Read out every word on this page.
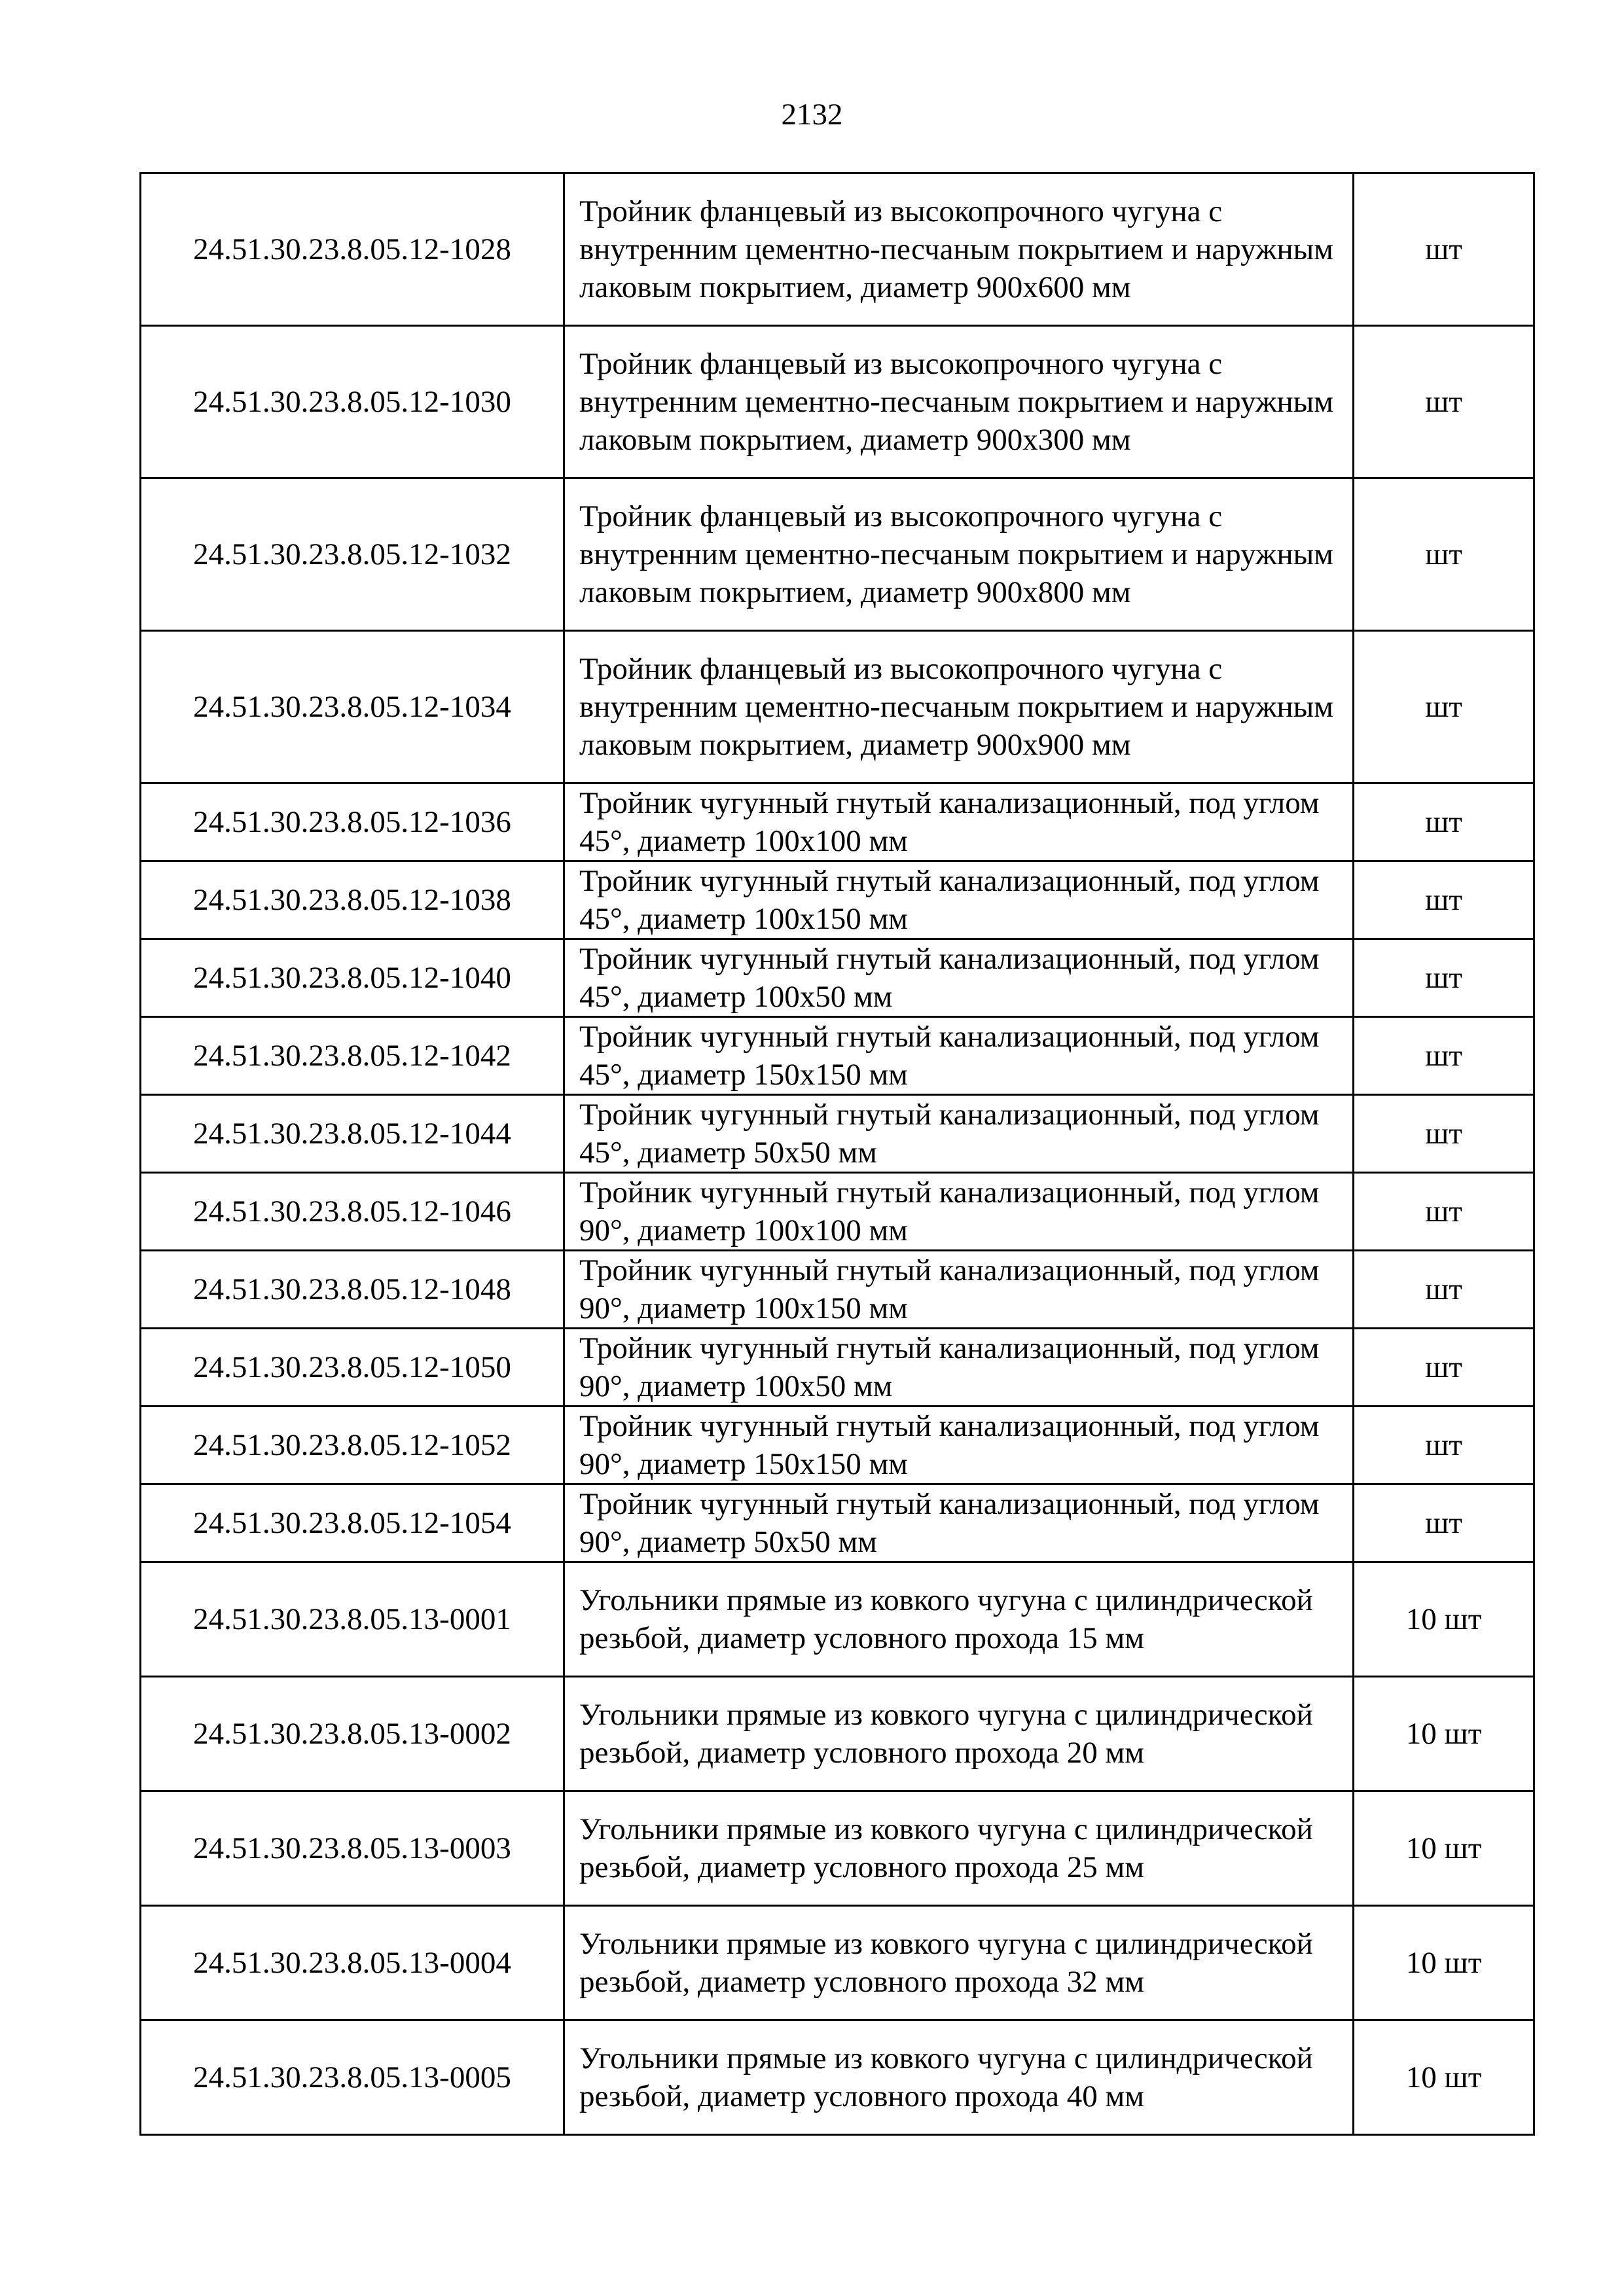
2132
24.51.30.23.8.05.12-1028	Тройник фланцевый из высокопрочного чугуна с внутренним цементно-песчаным покрытием и наружным лаковым покрытием, диаметр 900х600 мм	шт
24.51.30.23.8.05.12-1030	Тройник фланцевый из высокопрочного чугуна с внутренним цементно-песчаным покрытием и наружным лаковым покрытием, диаметр 900х300 мм	шт
24.51.30.23.8.05.12-1032	Тройник фланцевый из высокопрочного чугуна с внутренним цементно-песчаным покрытием и наружным лаковым покрытием, диаметр 900х800 мм	шт
24.51.30.23.8.05.12-1034	Тройник фланцевый из высокопрочного чугуна с внутренним цементно-песчаным покрытием и наружным лаковым покрытием, диаметр 900х900 мм	шт
24.51.30.23.8.05.12-1036	Тройник чугунный гнутый канализационный, под углом 45°, диаметр 100х100 мм	шт
24.51.30.23.8.05.12-1038	Тройник чугунный гнутый канализационный, под углом 45°, диаметр 100х150 мм	шт
24.51.30.23.8.05.12-1040	Тройник чугунный гнутый канализационный, под углом 45°, диаметр 100х50 мм	шт
24.51.30.23.8.05.12-1042	Тройник чугунный гнутый канализационный, под углом 45°, диаметр 150х150 мм	шт
24.51.30.23.8.05.12-1044	Тройник чугунный гнутый канализационный, под углом 45°, диаметр 50х50 мм	шт
24.51.30.23.8.05.12-1046	Тройник чугунный гнутый канализационный, под углом 90°, диаметр 100х100 мм	шт
24.51.30.23.8.05.12-1048	Тройник чугунный гнутый канализационный, под углом 90°, диаметр 100х150 мм	шт
24.51.30.23.8.05.12-1050	Тройник чугунный гнутый канализационный, под углом 90°, диаметр 100х50 мм	шт
24.51.30.23.8.05.12-1052	Тройник чугунный гнутый канализационный, под углом 90°, диаметр 150х150 мм	шт
24.51.30.23.8.05.12-1054	Тройник чугунный гнутый канализационный, под углом 90°, диаметр 50х50 мм	шт
24.51.30.23.8.05.13-0001	Угольники прямые из ковкого чугуна с цилиндрической резьбой, диаметр условного прохода 15 мм	10 шт
24.51.30.23.8.05.13-0002	Угольники прямые из ковкого чугуна с цилиндрической резьбой, диаметр условного прохода 20 мм	10 шт
24.51.30.23.8.05.13-0003	Угольники прямые из ковкого чугуна с цилиндрической резьбой, диаметр условного прохода 25 мм	10 шт
24.51.30.23.8.05.13-0004	Угольники прямые из ковкого чугуна с цилиндрической резьбой, диаметр условного прохода 32 мм	10 шт
24.51.30.23.8.05.13-0005	Угольники прямые из ковкого чугуна с цилиндрической резьбой, диаметр условного прохода 40 мм	10 шт
